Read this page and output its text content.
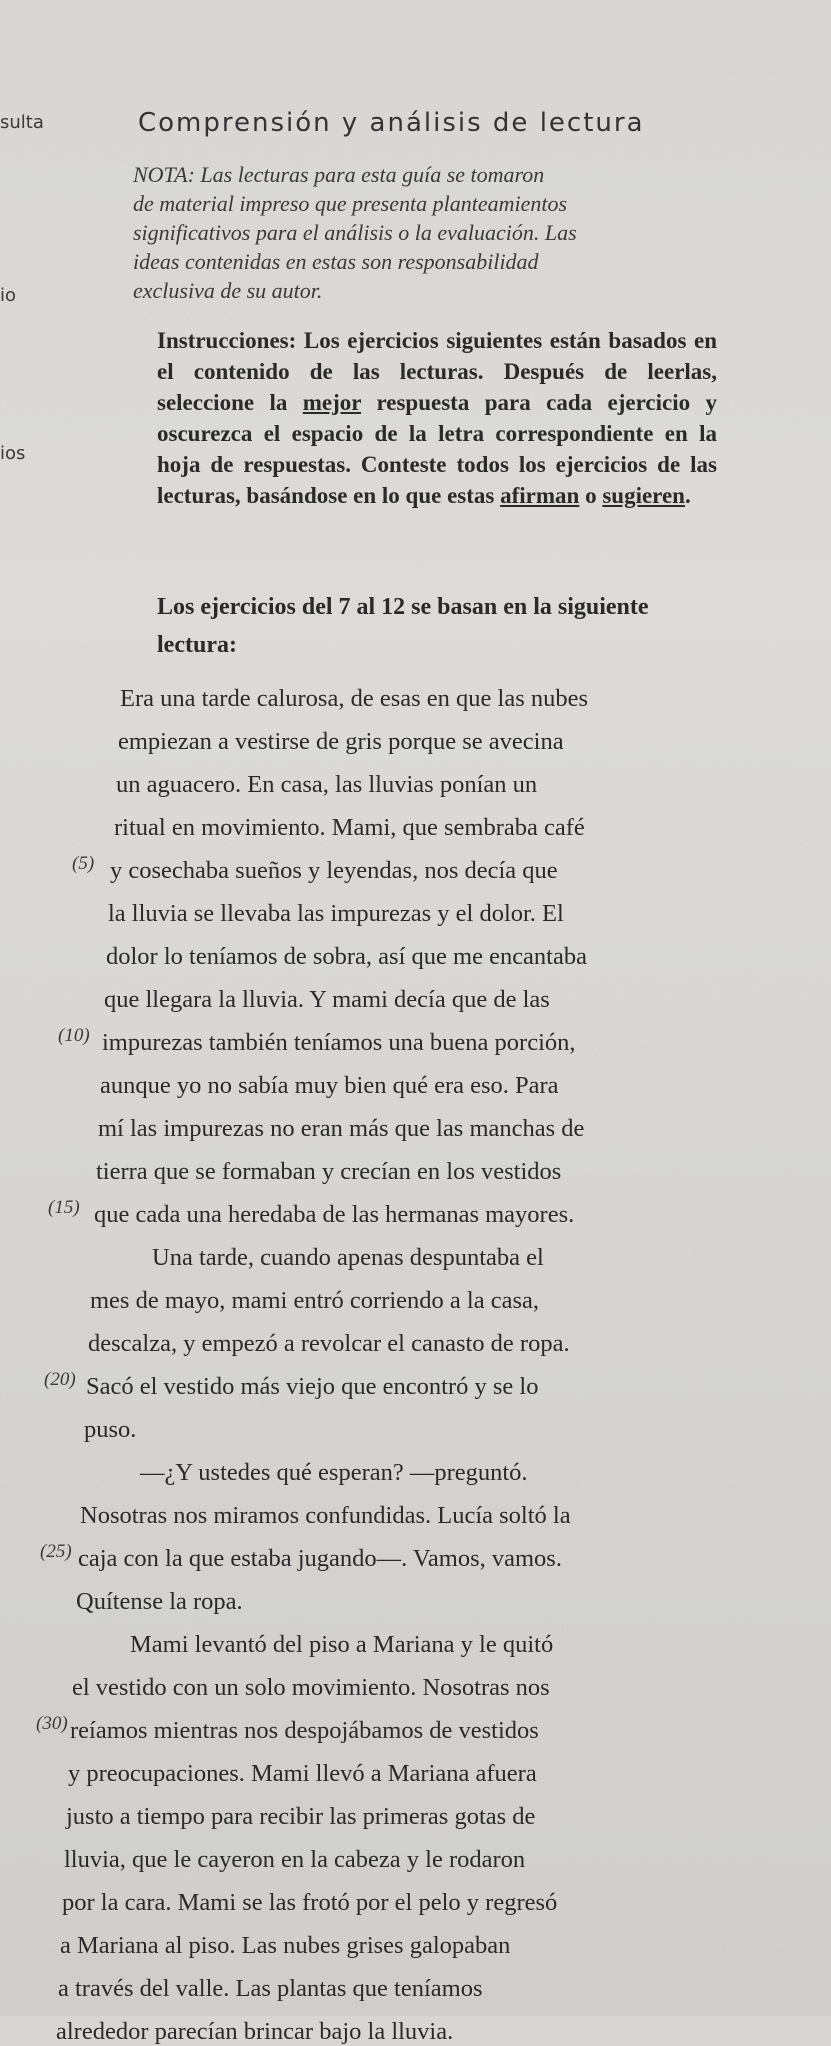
sulta
io
ios
Comprensión y análisis de lectura
NOTA: Las lecturas para esta guía se tomaron
de material impreso que presenta planteamientos
significativos para el análisis o la evaluación. Las
ideas contenidas en estas son responsabilidad
exclusiva de su autor.
Instrucciones: Los ejercicios siguientes están basados en el contenido de las lecturas. Después de leerlas, seleccione la mejor respuesta para cada ejercicio y oscurezca el espacio de la letra correspondiente en la hoja de respuestas. Conteste todos los ejercicios de las lecturas, basándose en lo que estas afirman o sugieren.
Los ejercicios del 7 al 12 se basan en la siguiente lectura:
(5)
(10)
(15)
(20)
(25)
(30)
Era una tarde calurosa, de esas en que las nubes
empiezan a vestirse de gris porque se avecina
un aguacero. En casa, las lluvias ponían un
ritual en movimiento. Mami, que sembraba café
y cosechaba sueños y leyendas, nos decía que
la lluvia se llevaba las impurezas y el dolor. El
dolor lo teníamos de sobra, así que me encantaba
que llegara la lluvia. Y mami decía que de las
impurezas también teníamos una buena porción,
aunque yo no sabía muy bien qué era eso. Para
mí las impurezas no eran más que las manchas de
tierra que se formaban y crecían en los vestidos
que cada una heredaba de las hermanas mayores.
Una tarde, cuando apenas despuntaba el
mes de mayo, mami entró corriendo a la casa,
descalza, y empezó a revolcar el canasto de ropa.
Sacó el vestido más viejo que encontró y se lo
puso.
—¿Y ustedes qué esperan? —preguntó.
Nosotras nos miramos confundidas. Lucía soltó la
caja con la que estaba jugando—. Vamos, vamos.
Quítense la ropa.
Mami levantó del piso a Mariana y le quitó
el vestido con un solo movimiento. Nosotras nos
reíamos mientras nos despojábamos de vestidos
y preocupaciones. Mami llevó a Mariana afuera
justo a tiempo para recibir las primeras gotas de
lluvia, que le cayeron en la cabeza y le rodaron
por la cara. Mami se las frotó por el pelo y regresó
a Mariana al piso. Las nubes grises galopaban
a través del valle. Las plantas que teníamos
alrededor parecían brincar bajo la lluvia.
